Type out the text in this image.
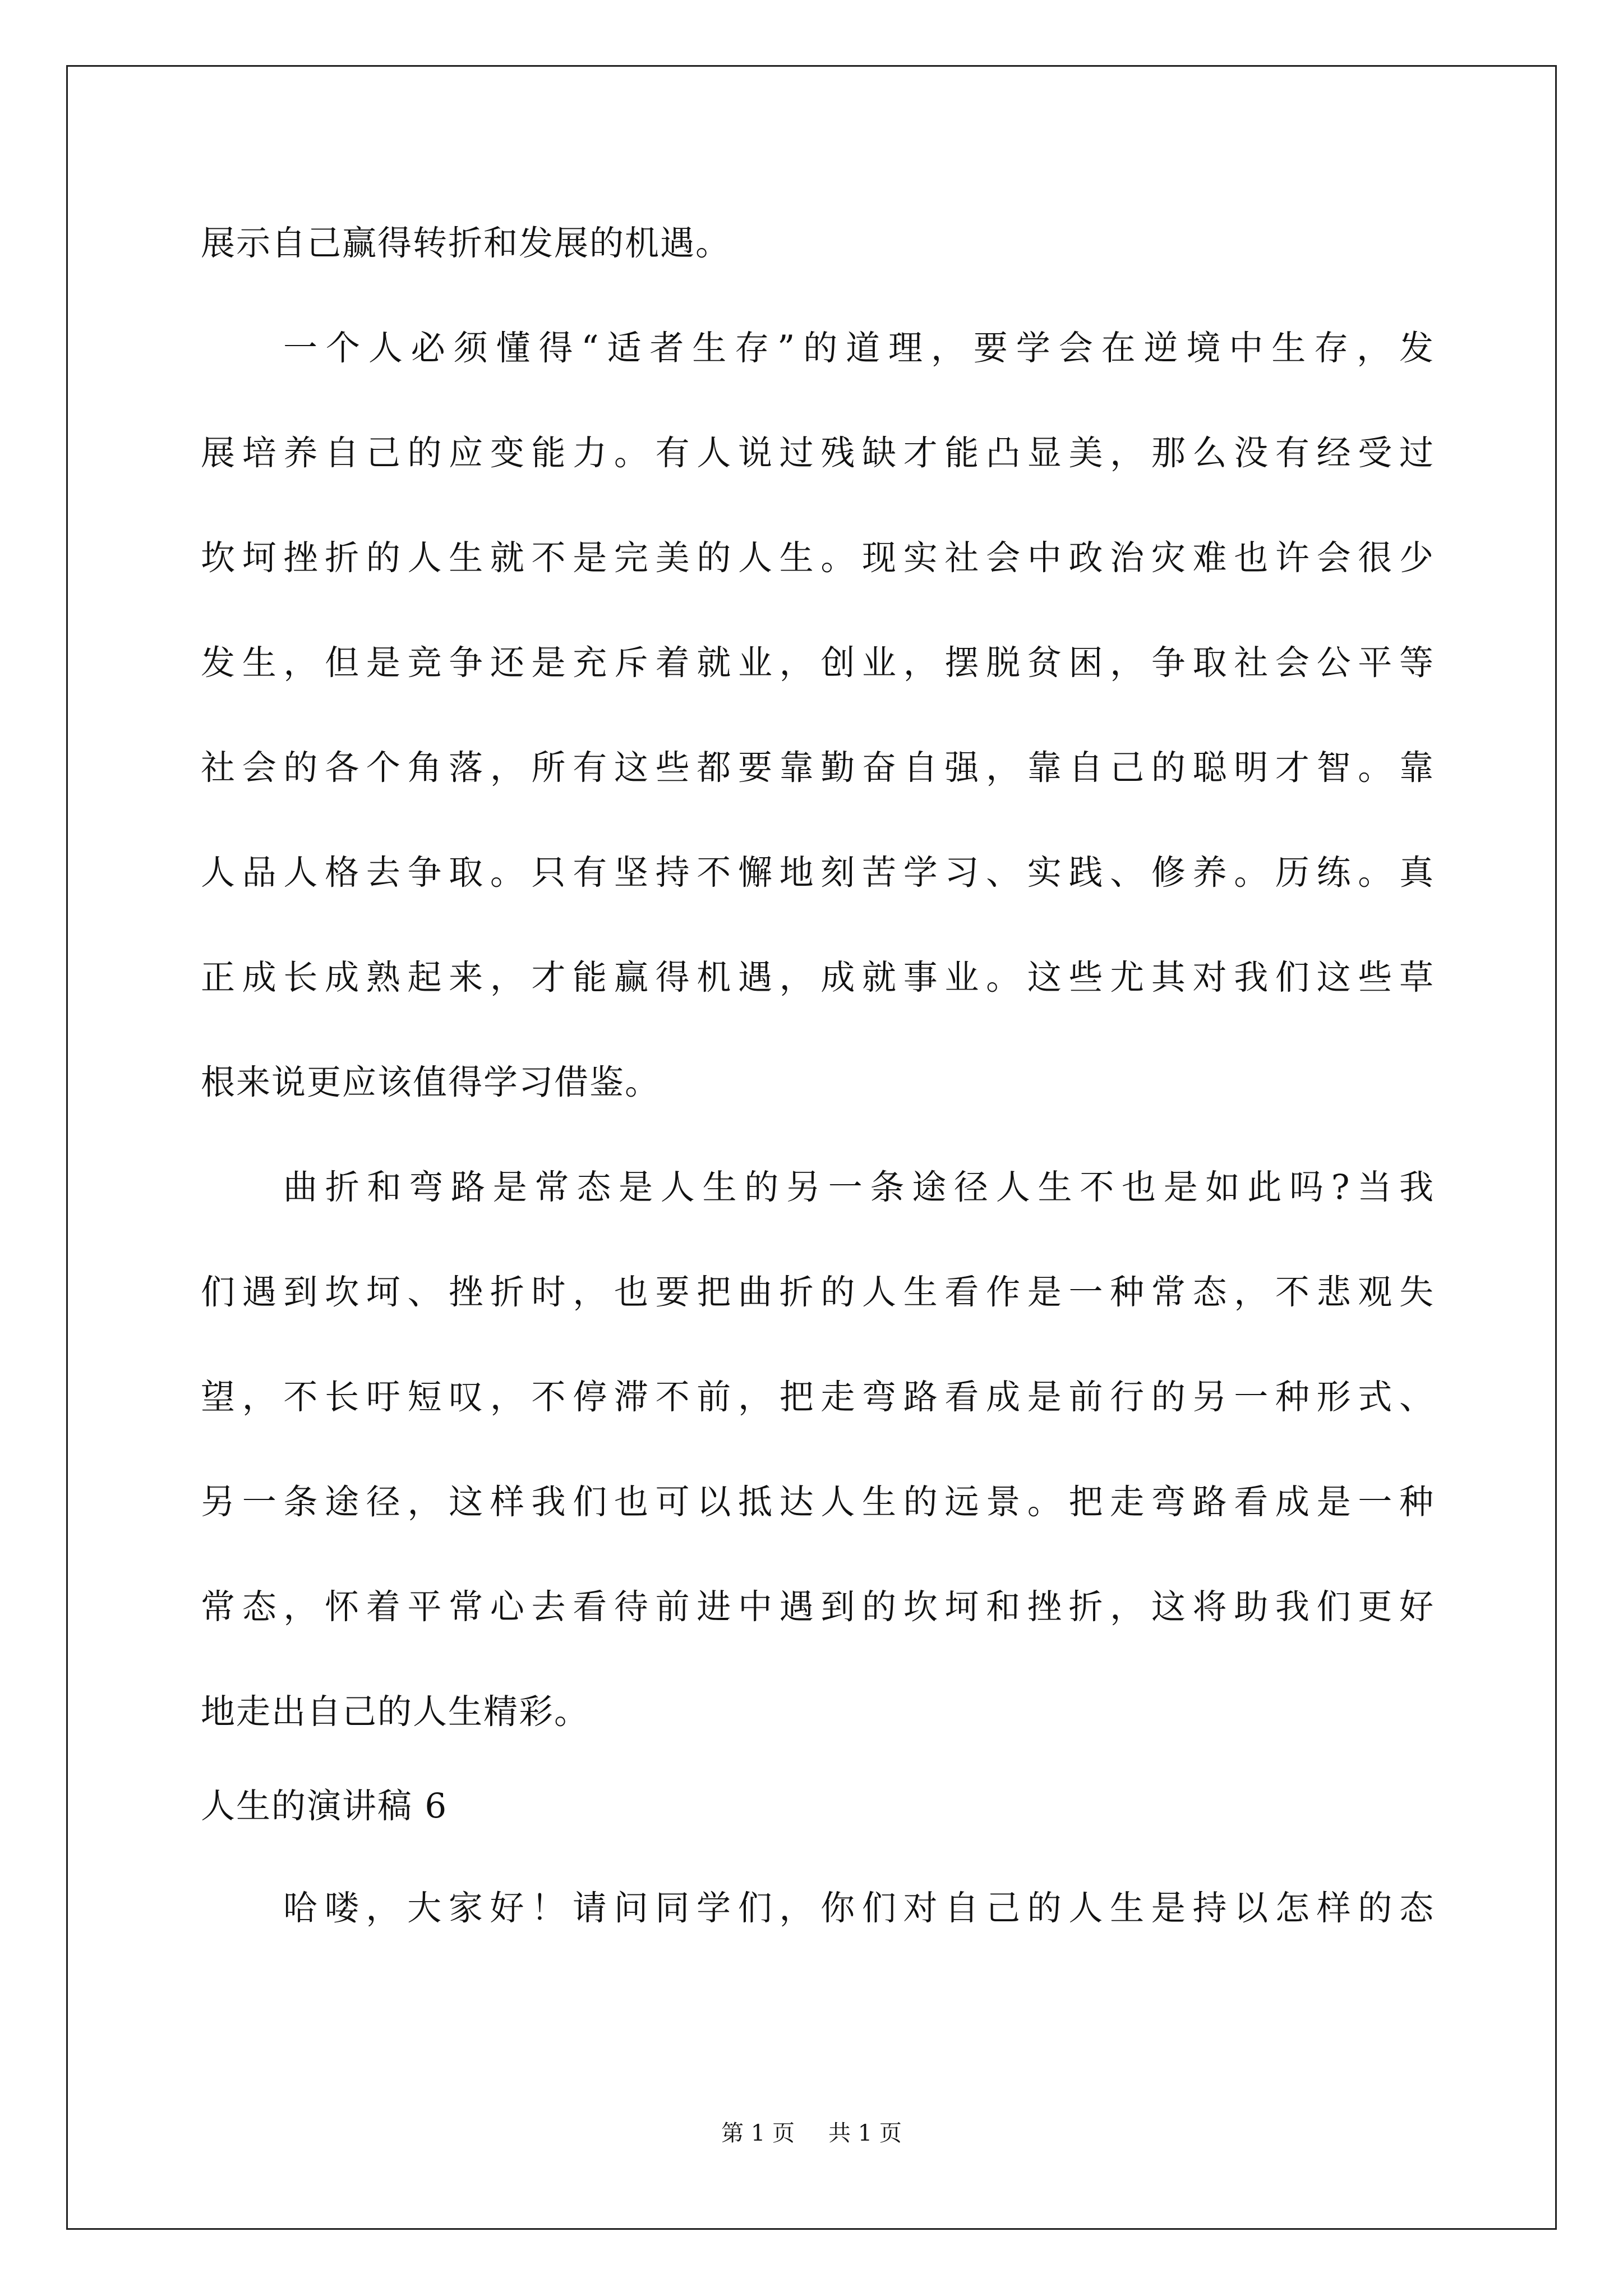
展示自己赢得转折和发展的机遇。
一个人必须懂得“适者生存”的道理，要学会在逆境中生存，发
展培养自己的应变能力。有人说过残缺才能凸显美，那么没有经受过
坎坷挫折的人生就不是完美的人生。现实社会中政治灾难也许会很少
发生，但是竞争还是充斥着就业，创业，摆脱贫困，争取社会公平等
社会的各个角落，所有这些都要靠勤奋自强，靠自己的聪明才智。靠
人品人格去争取。只有坚持不懈地刻苦学习、实践、修养。历练。真
正成长成熟起来，才能赢得机遇，成就事业。这些尤其对我们这些草
根来说更应该值得学习借鉴。
曲折和弯路是常态是人生的另一条途径人生不也是如此吗?当我
们遇到坎坷、挫折时，也要把曲折的人生看作是一种常态，不悲观失
望，不长吁短叹，不停滞不前，把走弯路看成是前行的另一种形式、
另一条途径，这样我们也可以抵达人生的远景。把走弯路看成是一种
常态，怀着平常心去看待前进中遇到的坎坷和挫折，这将助我们更好
地走出自己的人生精彩。
人生的演讲稿 6
哈喽，大家好！请问同学们，你们对自己的人生是持以怎样的态
第 1 页 共 1 页
